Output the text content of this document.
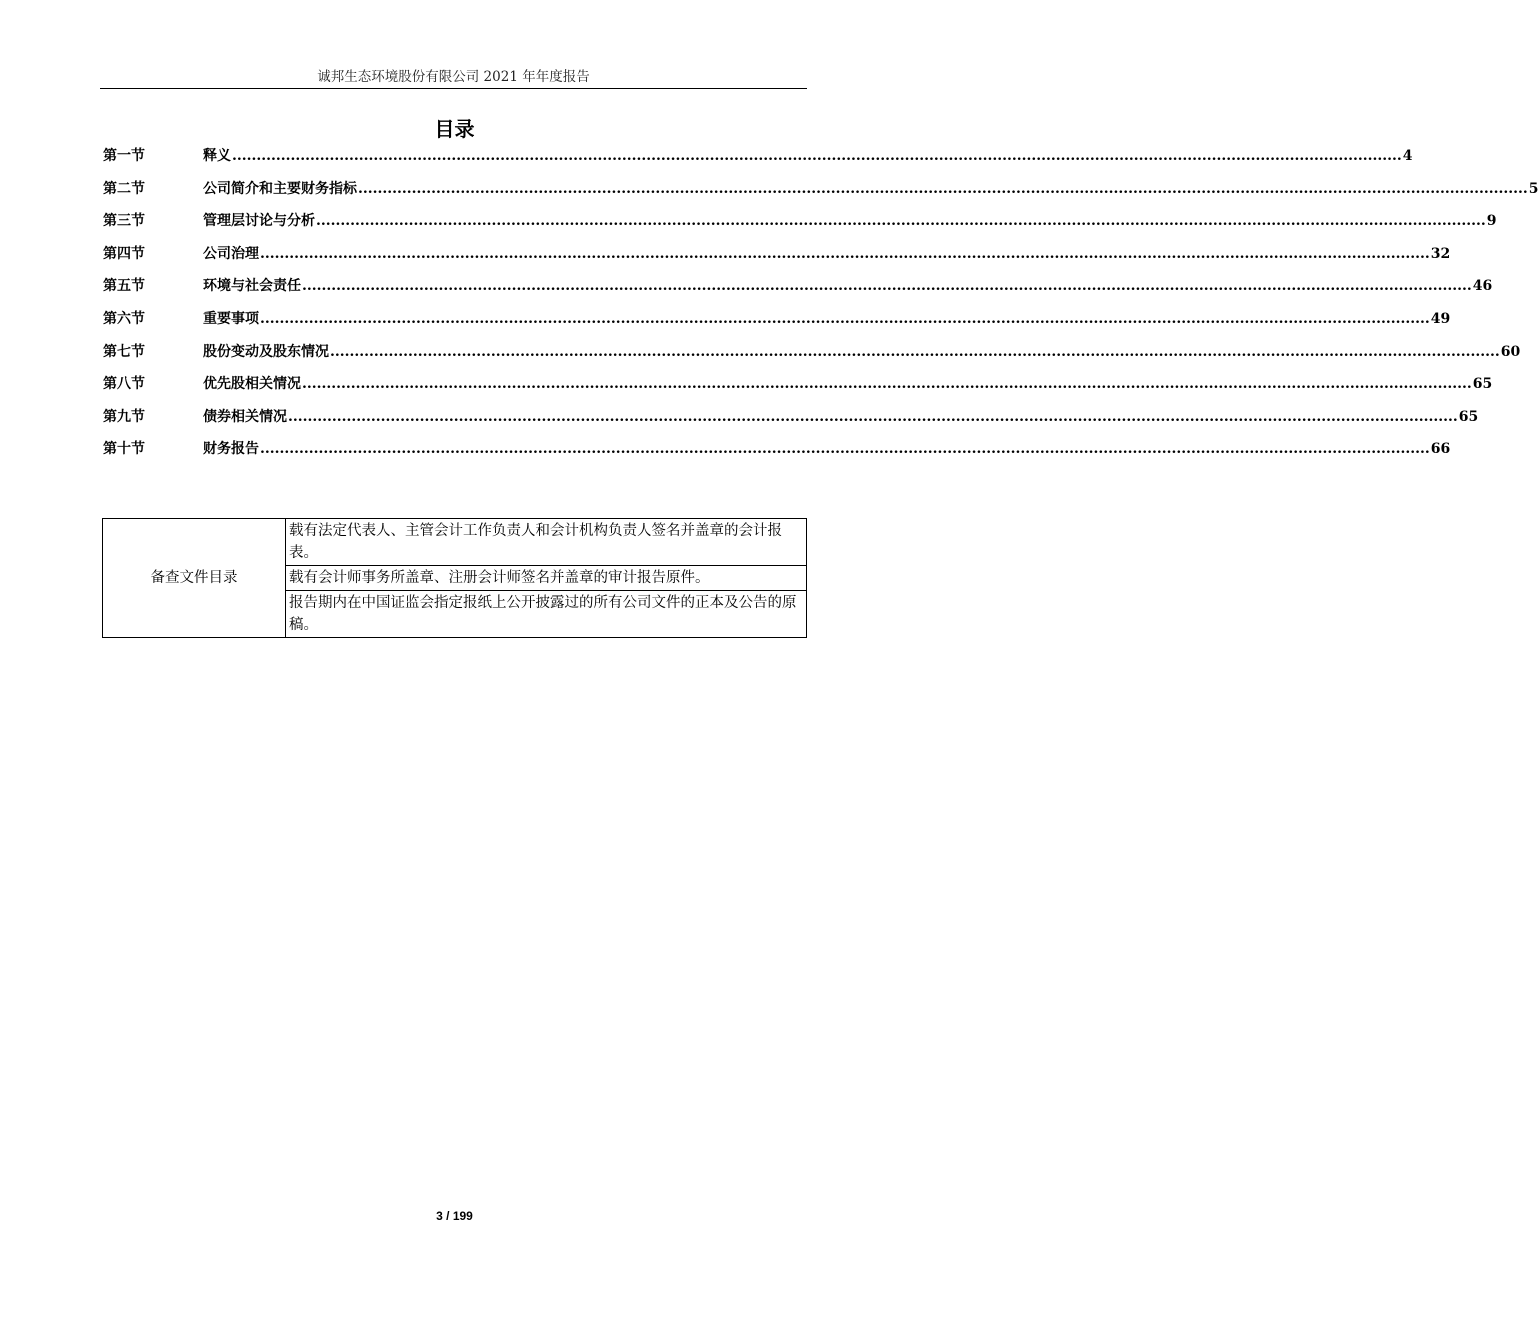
诚邦生态环境股份有限公司 2021 年年度报告
目录
第一节	释义 ................................................................................................................................................................................................................................................ 4
第二节	公司简介和主要财务指标 ................................................................................................................................................................................................................................................ 5
第三节	管理层讨论与分析 ................................................................................................................................................................................................................................................ 9
第四节	公司治理 ................................................................................................................................................................................................................................................ 32
第五节	环境与社会责任 ................................................................................................................................................................................................................................................ 46
第六节	重要事项 ................................................................................................................................................................................................................................................ 49
第七节	股份变动及股东情况 ................................................................................................................................................................................................................................................ 60
第八节	优先股相关情况 ................................................................................................................................................................................................................................................ 65
第九节	债券相关情况 ................................................................................................................................................................................................................................................ 65
第十节	财务报告 ................................................................................................................................................................................................................................................ 66
备查文件目录	载有法定代表人、主管会计工作负责人和会计机构负责人签名并盖章的会计报表。
载有会计师事务所盖章、注册会计师签名并盖章的审计报告原件。
报告期内在中国证监会指定报纸上公开披露过的所有公司文件的正本及公告的原稿。
3 / 199
